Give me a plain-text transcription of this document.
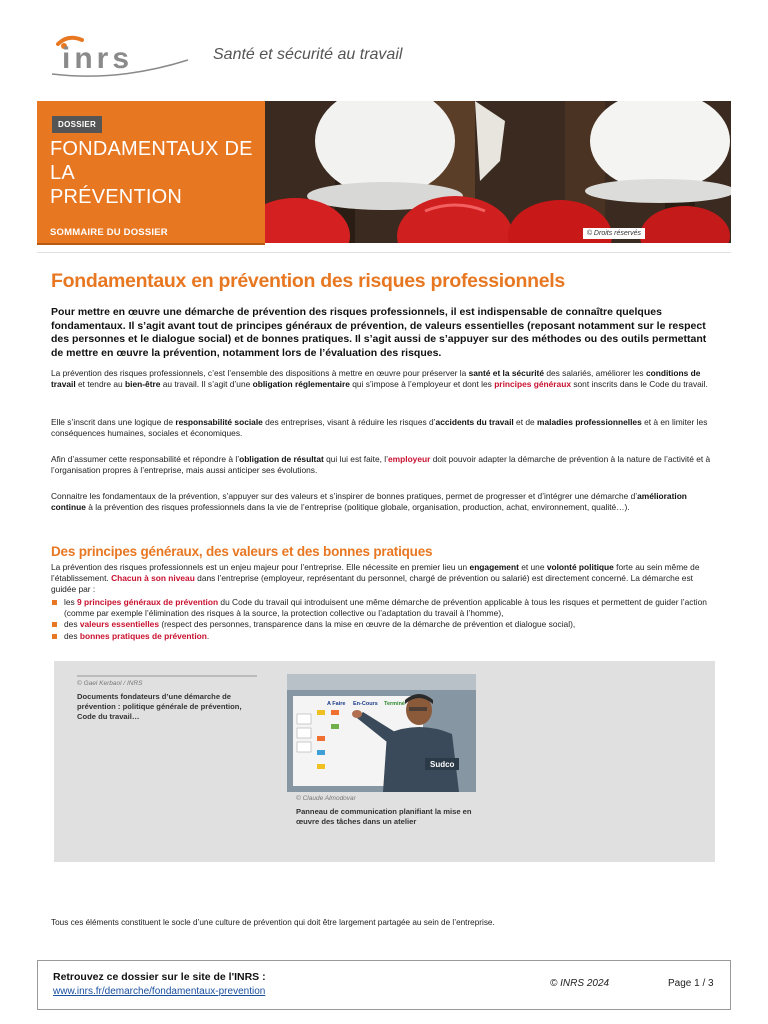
inrs	Santé et sécurité au travail
DOSSIER
FONDAMENTAUX DE LA
PRÉVENTION
SOMMAIRE DU DOSSIER	© Droits réservés
Fondamentaux en prévention des risques professionnels
Pour mettre en œuvre une démarche de prévention des risques professionnels, il est indispensable de connaître quelques fondamentaux. Il s’agit avant tout de principes généraux de prévention, de valeurs essentielles (reposant notamment sur le respect des personnes et le dialogue social) et de bonnes pratiques. Il s’agit aussi de s’appuyer sur des méthodes ou des outils permettant de mettre en œuvre la prévention, notamment lors de l’évaluation des risques.
La prévention des risques professionnels, c’est l’ensemble des dispositions à mettre en œuvre pour préserver la santé et la sécurité des salariés, améliorer les conditions de travail et tendre au bien-être au travail. Il s’agit d’une obligation réglementaire qui s’impose à l’employeur et dont les principes généraux sont inscrits dans le Code du travail.
Elle s’inscrit dans une logique de responsabilité sociale des entreprises, visant à réduire les risques d’accidents du travail et de maladies professionnelles et à en limiter les conséquences humaines, sociales et économiques.
Afin d’assumer cette responsabilité et répondre à l’obligation de résultat qui lui est faite, l’employeur doit pouvoir adapter la démarche de prévention à la nature de l’activité et à l’organisation propres à l’entreprise, mais aussi anticiper ses évolutions.
Connaitre les fondamentaux de la prévention, s’appuyer sur des valeurs et s’inspirer de bonnes pratiques, permet de progresser et d’intégrer une démarche d’amélioration continue à la prévention des risques professionnels dans la vie de l’entreprise (politique globale, organisation, production, achat, environnement, qualité…).
Des principes généraux, des valeurs et des bonnes pratiques
La prévention des risques professionnels est un enjeu majeur pour l’entreprise. Elle nécessite en premier lieu un engagement et une volonté politique forte au sein même de l’établissement. Chacun à son niveau dans l’entreprise (employeur, représentant du personnel, chargé de prévention ou salarié) est directement concerné. La démarche est guidée par :
les 9 principes généraux de prévention du Code du travail qui introduisent une même démarche de prévention applicable à tous les risques et permettent de guider l’action (comme par exemple l’élimination des risques à la source, la protection collective ou l’adaptation du travail à l’homme),
des valeurs essentielles (respect des personnes, transparence dans la mise en œuvre de la démarche de prévention et dialogue social),
des bonnes pratiques de prévention.
© Gael Kerbaol / INRS
Documents fondateurs d’une démarche de prévention : politique générale de prévention, Code du travail…
A Faire En-Cours Terminé
Sudco
© Claude Almodovar
Panneau de communication planifiant la mise en œuvre des tâches dans un atelier
Tous ces éléments constituent le socle d’une culture de prévention qui doit être largement partagée au sein de l’entreprise.
Retrouvez ce dossier sur le site de l'INRS :
www.inrs.fr/demarche/fondamentaux-prevention
© INRS 2024	Page 1 / 3
